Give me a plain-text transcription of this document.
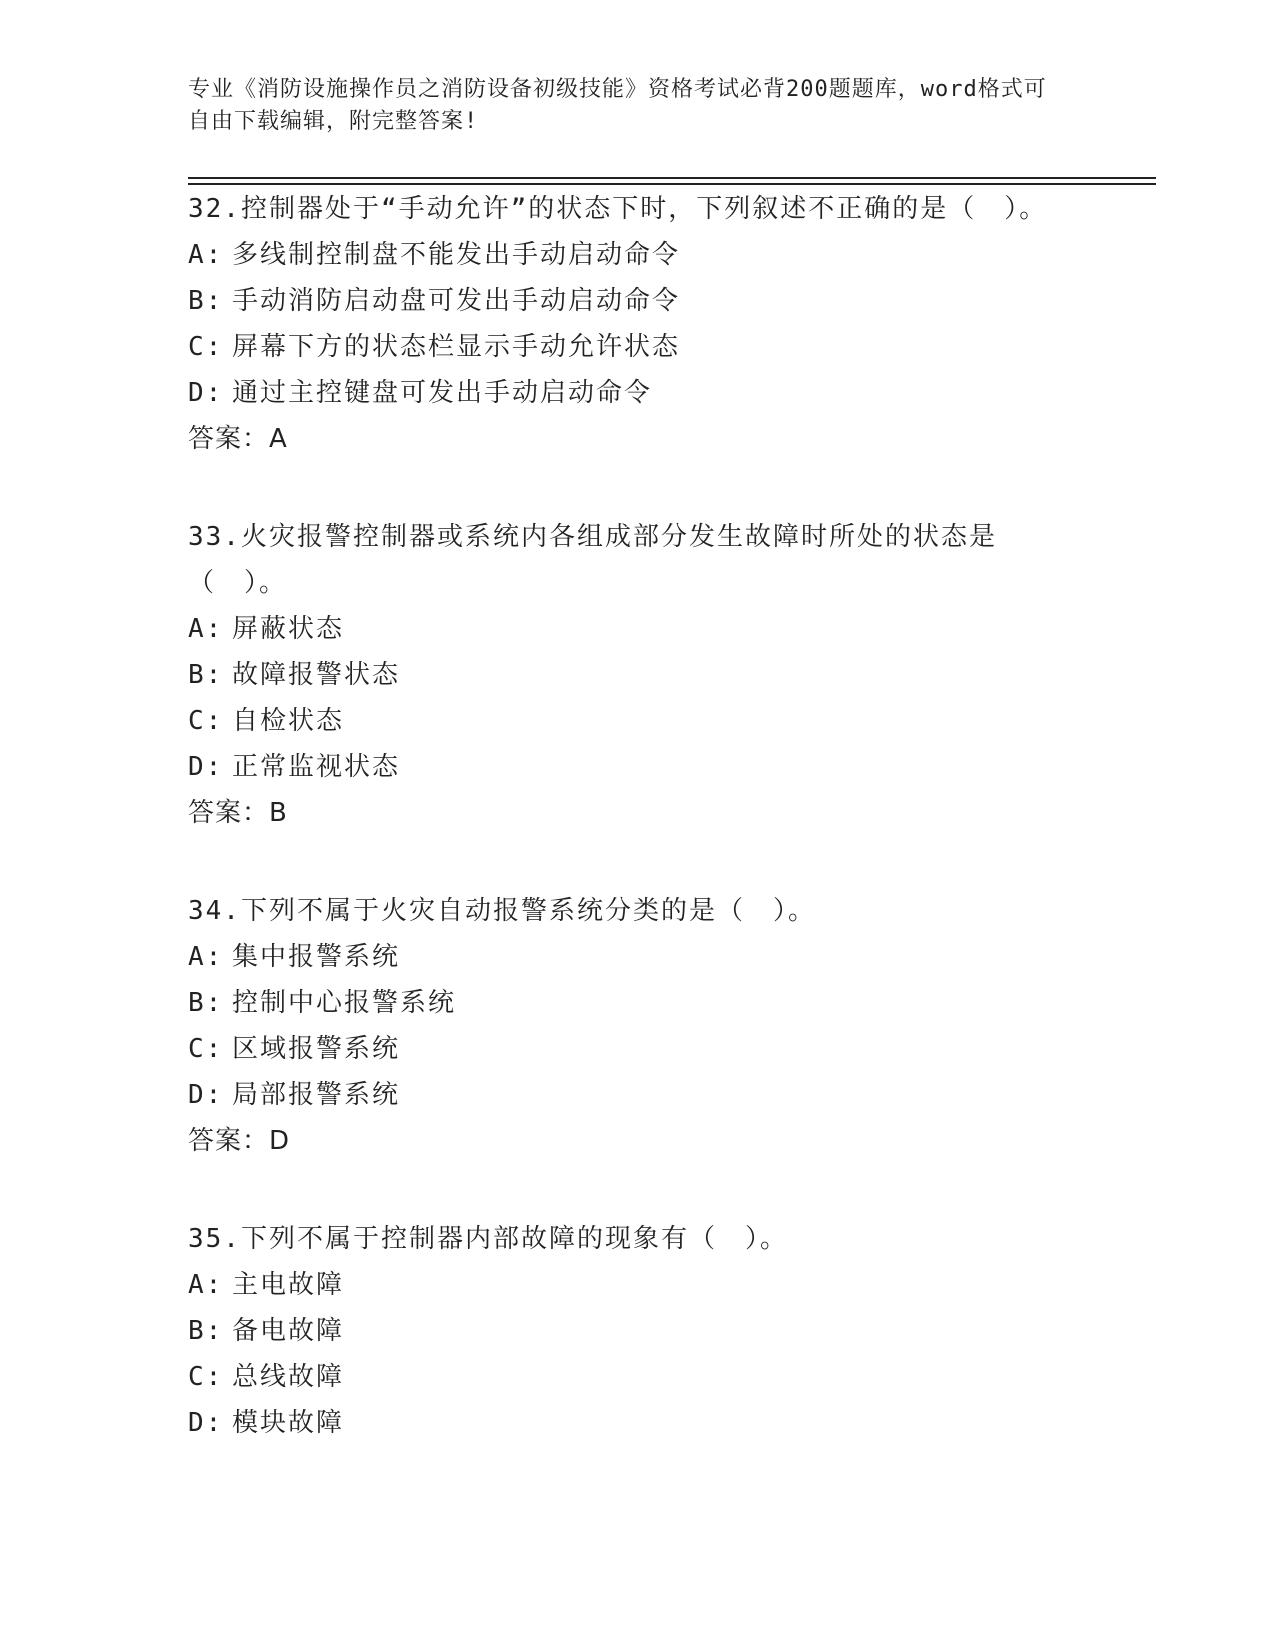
专业《消防设施操作员之消防设备初级技能》资格考试必背200题题库，word格式可自由下载编辑，附完整答案!

32.控制器处于“手动允许”的状态下时，下列叙述不正确的是（　）。

A: 多线制控制盘不能发出手动启动命令
B: 手动消防启动盘可发出手动启动命令
C: 屏幕下方的状态栏显示手动允许状态
D: 通过主控键盘可发出手动启动命令
答案：A

33.火灾报警控制器或系统内各组成部分发生故障时所处的状态是（　）。

A: 屏蔽状态
B: 故障报警状态
C: 自检状态
D: 正常监视状态
答案：B

34.下列不属于火灾自动报警系统分类的是（　）。

A: 集中报警系统
B: 控制中心报警系统
C: 区域报警系统
D: 局部报警系统
答案：D

35.下列不属于控制器内部故障的现象有（　）。

A: 主电故障
B: 备电故障
C: 总线故障
D: 模块故障
